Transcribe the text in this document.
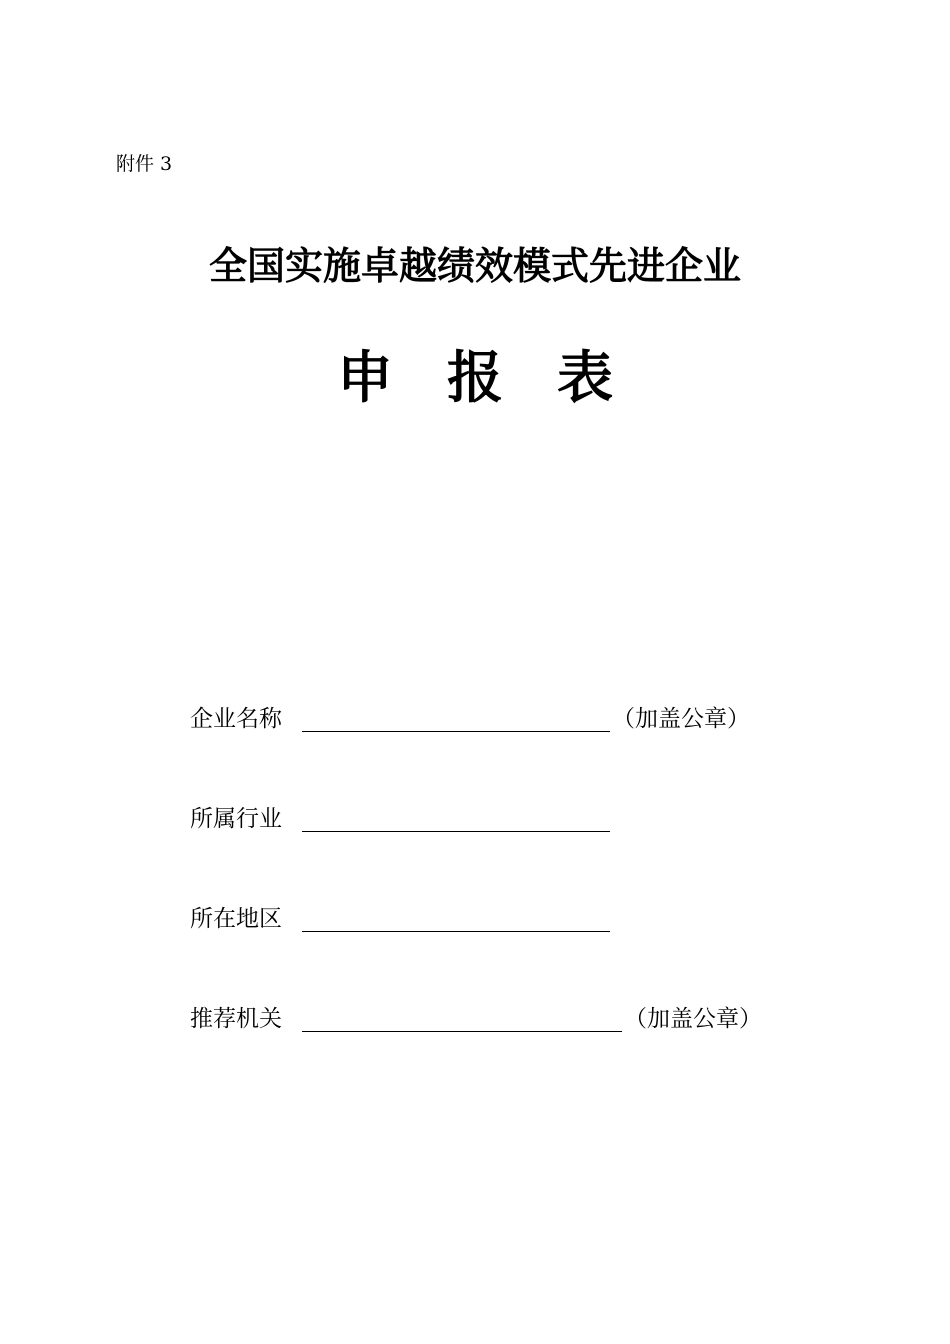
附件 3
全国实施卓越绩效模式先进企业
申 报 表
企业名称	（加盖公章）
所属行业
所在地区
推荐机关	（加盖公章）
